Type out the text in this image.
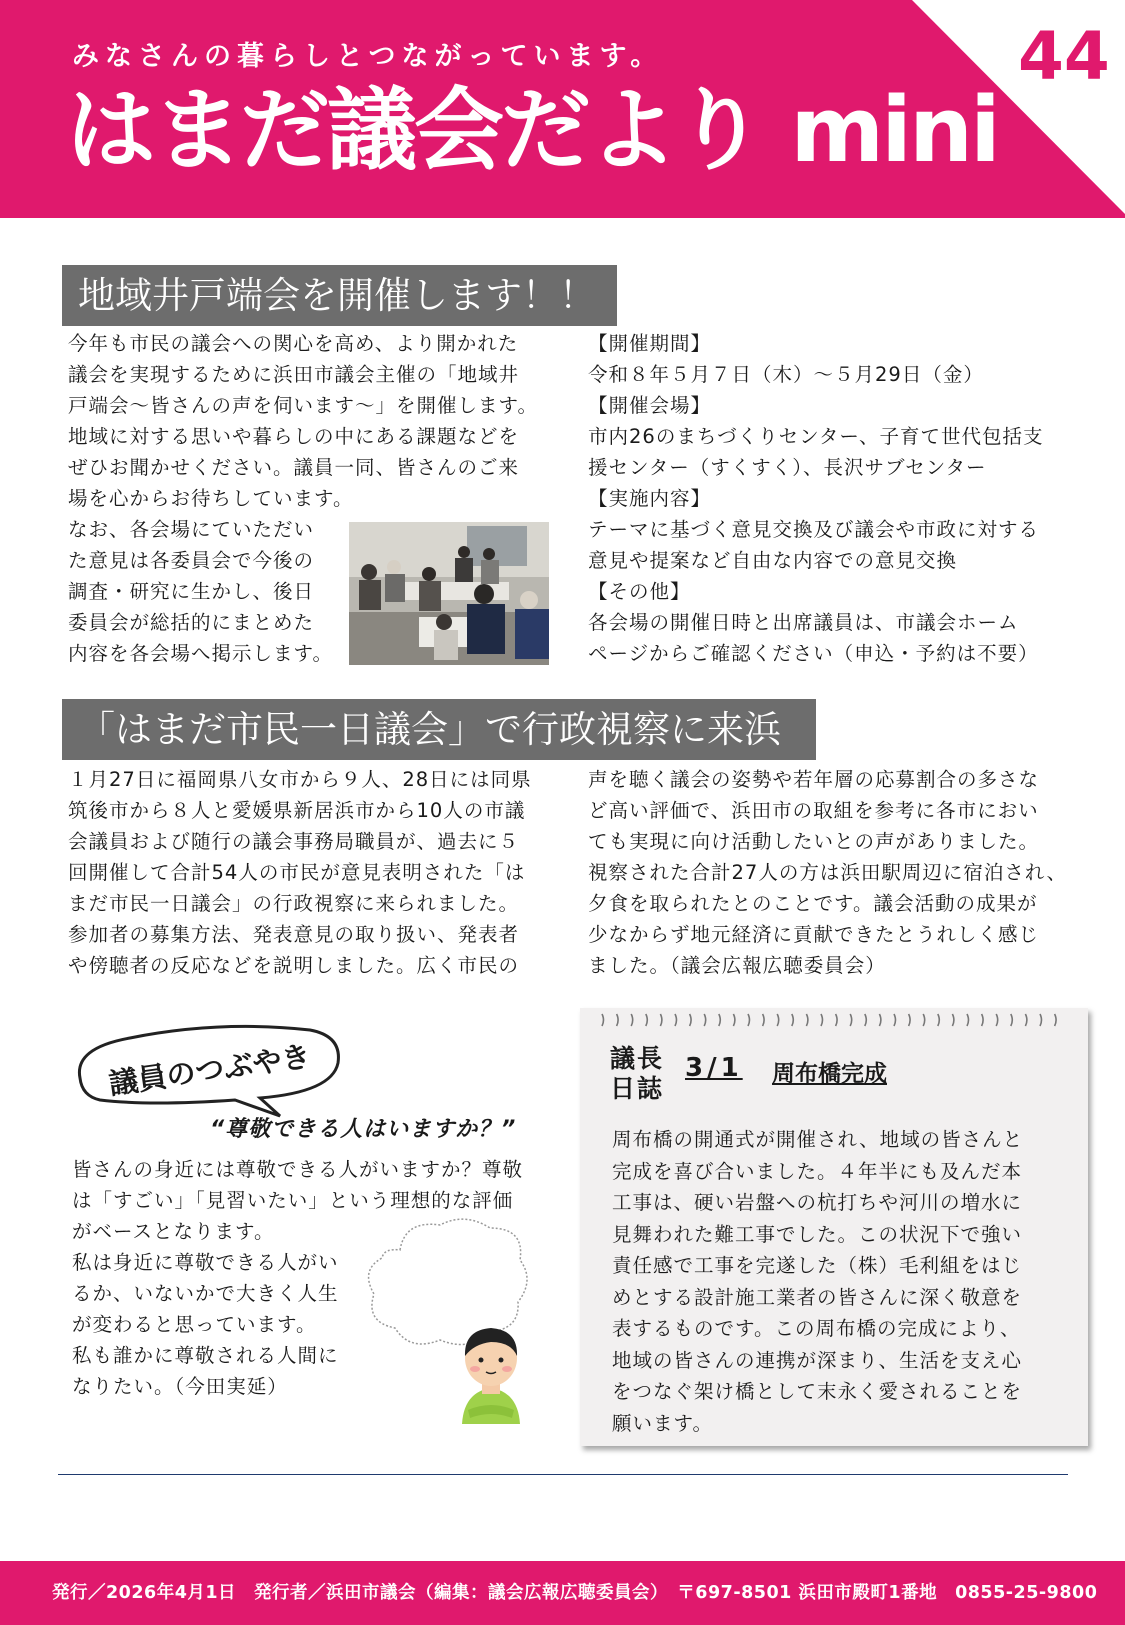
みなさんの暮らしとつながっています。
はまだ議会だより mini
44
地域井戸端会を開催します！！

今年も市民の議会への関心を高め、より開かれた
議会を実現するために浜田市議会主催の「地域井
戸端会～皆さんの声を伺います～」を開催します。
地域に対する思いや暮らしの中にある課題などを
ぜひお聞かせください。議員一同、皆さんのご来
場を心からお待ちしています。

なお、各会場にていただい
た意見は各委員会で今後の
調査・研究に生かし、後日
委員会が総括的にまとめた
内容を各会場へ掲示します。

【開催期間】
令和８年５月７日（木）～５月29日（金）
【開催会場】
市内26のまちづくりセンター、子育て世代包括支
援センター（すくすく）、長沢サブセンター
【実施内容】
テーマに基づく意見交換及び議会や市政に対する
意見や提案など自由な内容での意見交換
【その他】
各会場の開催日時と出席議員は、市議会ホーム
ページからご確認ください（申込・予約は不要）

「はまだ市民一日議会」で行政視察に来浜

１月27日に福岡県八女市から９人、28日には同県
筑後市から８人と愛媛県新居浜市から10人の市議
会議員および随行の議会事務局職員が、過去に５
回開催して合計54人の市民が意見表明された「は
まだ市民一日議会」の行政視察に来られました。
参加者の募集方法、発表意見の取り扱い、発表者
や傍聴者の反応などを説明しました。広く市民の

声を聴く議会の姿勢や若年層の応募割合の多さな
ど高い評価で、浜田市の取組を参考に各市におい
ても実現に向け活動したいとの声がありました。
視察された合計27人の方は浜田駅周辺に宿泊され、
夕食を取られたとのことです。議会活動の成果が
少なからず地元経済に貢献できたとうれしく感じ
ました。（議会広報広聴委員会）

議員のつぶやき
“尊敬できる人はいますか？”

皆さんの身近には尊敬できる人がいますか？尊敬
は「すごい」「見習いたい」という理想的な評価
がベースとなります。

私は身近に尊敬できる人がい
るか、いないかで大きく人生
が変わると思っています。
私も誰かに尊敬される人間に
なりたい。（今田実延）

議長
日誌
3/1 周布橋完成

周布橋の開通式が開催され、地域の皆さんと
完成を喜び合いました。４年半にも及んだ本
工事は、硬い岩盤への杭打ちや河川の増水に
見舞われた難工事でした。この状況下で強い
責任感で工事を完遂した（株）毛利組をはじ
めとする設計施工業者の皆さんに深く敬意を
表するものです。この周布橋の完成により、
地域の皆さんの連携が深まり、生活を支え心
をつなぐ架け橋として末永く愛されることを
願います。

発行／2026年4月1日　発行者／浜田市議会（編集：議会広報広聴委員会）　〒697-8501 浜田市殿町1番地　0855-25-9800
